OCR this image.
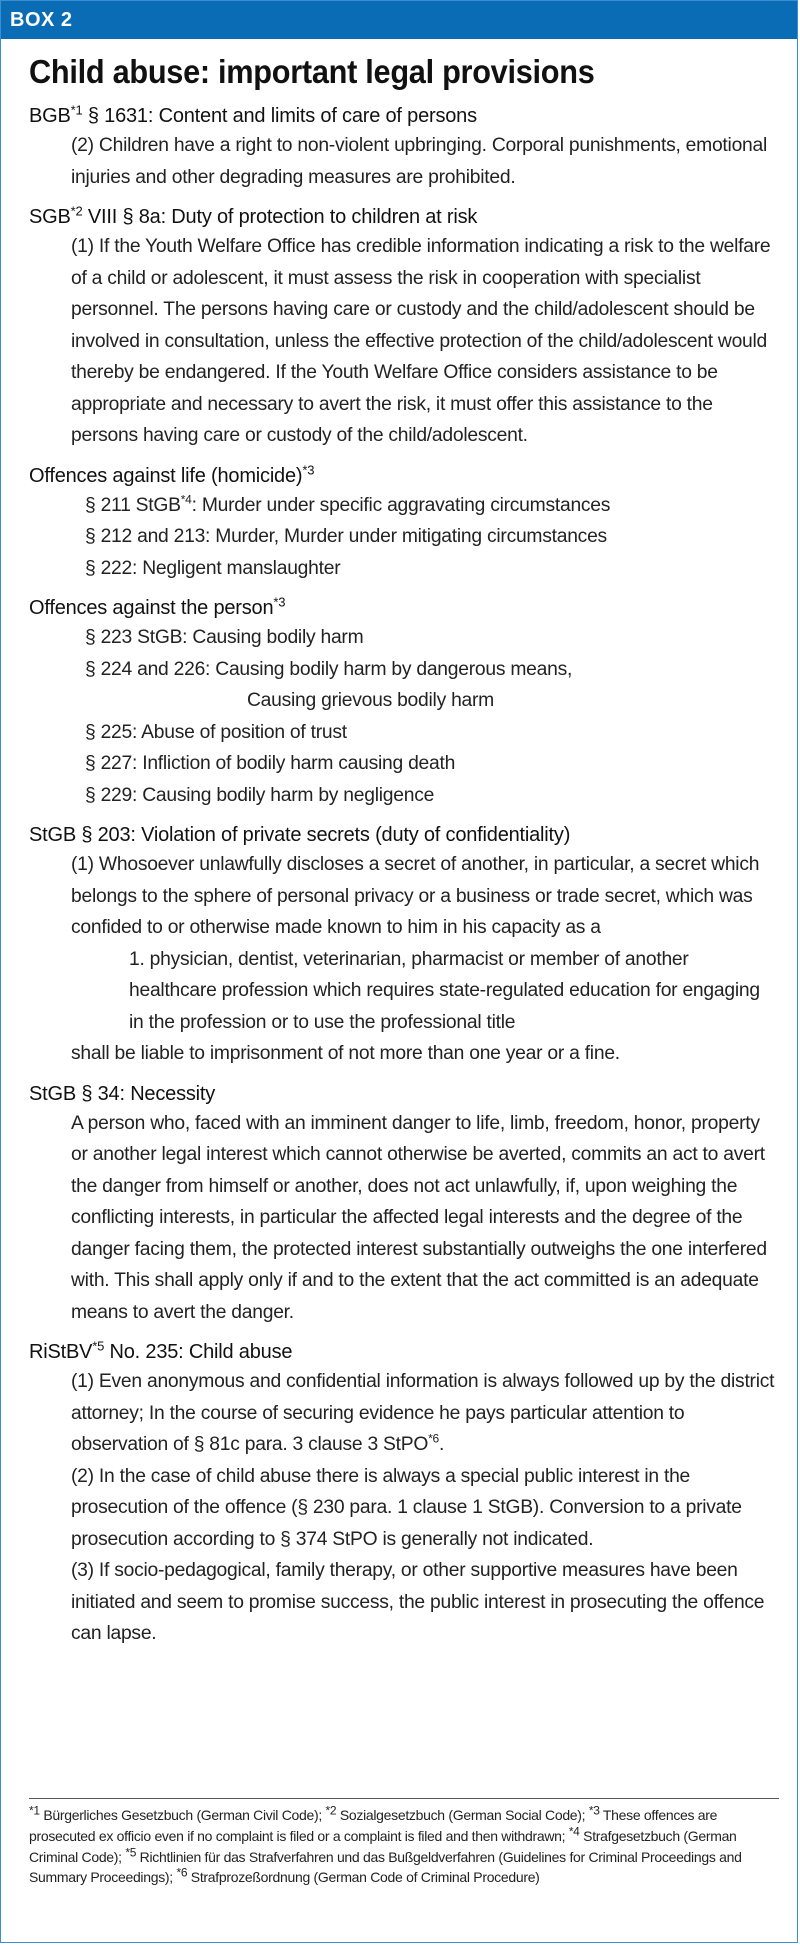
BOX 2
Child abuse: important legal provisions
BGB$^{*1}$ § 1631: Content and limits of care of persons
(2) Children have a right to non-violent upbringing. Corporal punishments, emotional injuries and other degrading measures are prohibited.
SGB$^{*2}$ VIII § 8a: Duty of protection to children at risk
(1) If the Youth Welfare Office has credible information indicating a risk to the welfare of a child or adolescent, it must assess the risk in cooperation with specialist personnel. The persons having care or custody and the child/adolescent should be involved in consultation, unless the effective protection of the child/adolescent would thereby be endangered. If the Youth Welfare Office considers assistance to be appropriate and necessary to avert the risk, it must offer this assistance to the persons having care or custody of the child/adolescent.
Offences against life (homicide)$^{*3}$
§ 211 StGB$^{*4}$: Murder under specific aggravating circumstances
§ 212 and 213: Murder, Murder under mitigating circumstances
§ 222: Negligent manslaughter
Offences against the person$^{*3}$
§ 223 StGB: Causing bodily harm
§ 224 and 226: Causing bodily harm by dangerous means,
Causing grievous bodily harm
§ 225: Abuse of position of trust
§ 227: Infliction of bodily harm causing death
§ 229: Causing bodily harm by negligence
StGB § 203: Violation of private secrets (duty of confidentiality)
(1) Whosoever unlawfully discloses a secret of another, in particular, a secret which belongs to the sphere of personal privacy or a business or trade secret, which was confided to or otherwise made known to him in his capacity as a
1. physician, dentist, veterinarian, pharmacist or member of another healthcare profession which requires state-regulated education for engaging in the profession or to use the professional title
shall be liable to imprisonment of not more than one year or a fine.
StGB § 34: Necessity
A person who, faced with an imminent danger to life, limb, freedom, honor, property or another legal interest which cannot otherwise be averted, commits an act to avert the danger from himself or another, does not act unlawfully, if, upon weighing the conflicting interests, in particular the affected legal interests and the degree of the danger facing them, the protected interest substantially outweighs the one interfered with. This shall apply only if and to the extent that the act committed is an adequate means to avert the danger.
RiStBV$^{*5}$ No. 235: Child abuse
(1) Even anonymous and confidential information is always followed up by the district attorney; In the course of securing evidence he pays particular attention to observation of § 81c para. 3 clause 3 StPO$^{*6}$.
(2) In the case of child abuse there is always a special public interest in the prosecution of the offence (§ 230 para. 1 clause 1 StGB). Conversion to a private prosecution according to § 374 StPO is generally not indicated.
(3) If socio-pedagogical, family therapy, or other supportive measures have been initiated and seem to promise success, the public interest in prosecuting the offence can lapse.
$^{*1}$ Bürgerliches Gesetzbuch (German Civil Code); $^{*2}$ Sozialgesetzbuch (German Social Code); $^{*3}$ These offences are prosecuted ex officio even if no complaint is filed or a complaint is filed and then withdrawn; $^{*4}$ Strafgesetzbuch (German Criminal Code); $^{*5}$ Richtlinien für das Strafverfahren und das Bußgeldverfahren (Guidelines for Criminal Proceedings and Summary Proceedings); $^{*6}$ Strafprozeßordnung (German Code of Criminal Procedure)
